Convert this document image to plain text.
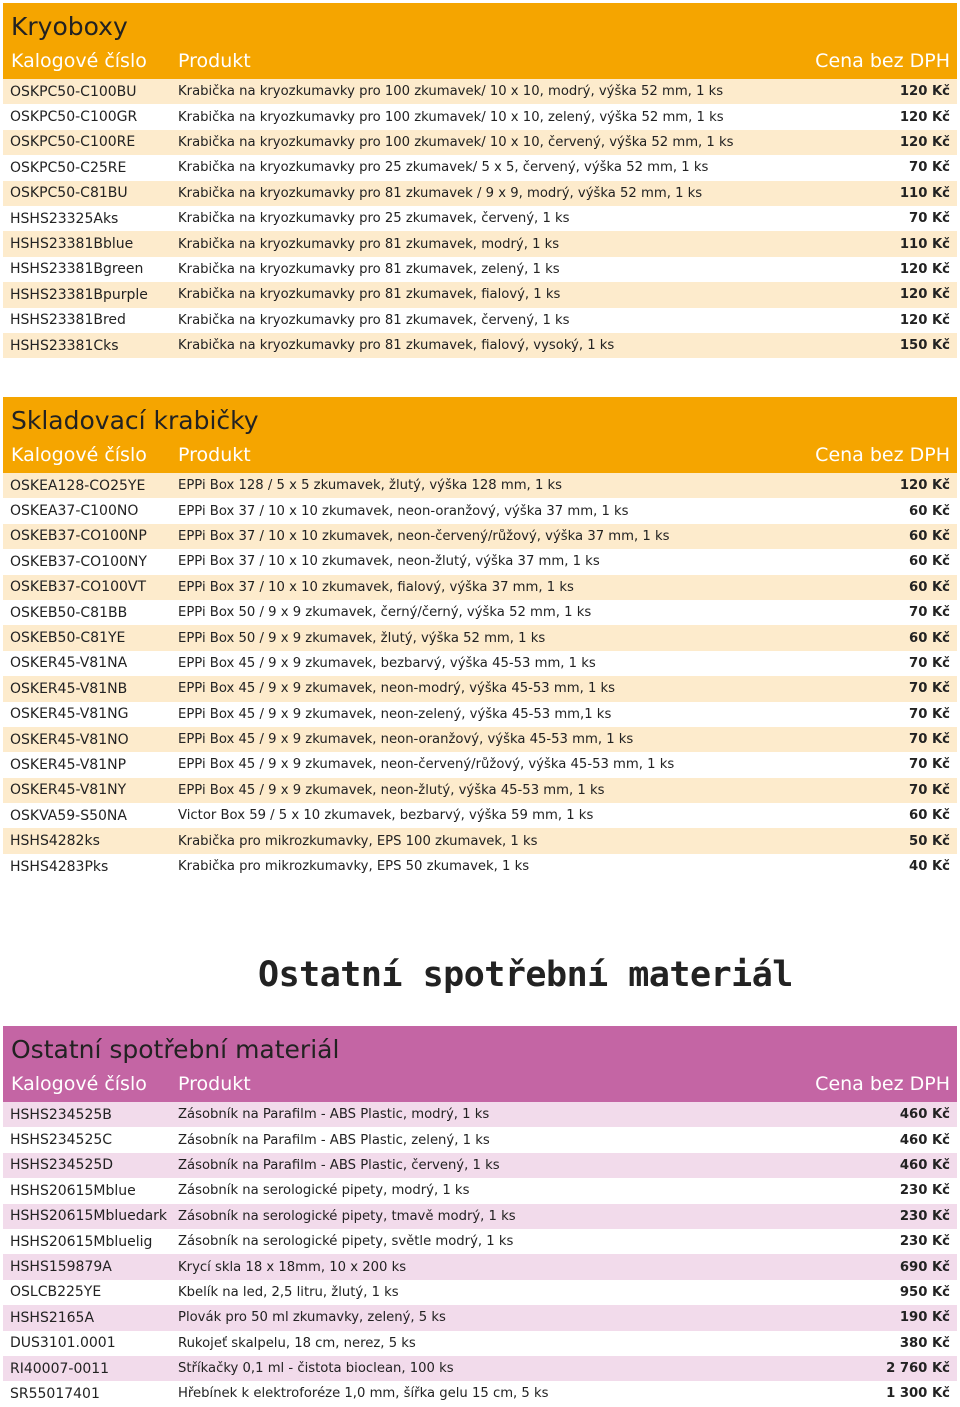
Kryoboxy
Kalogové číslo	Produkt	Cena bez DPH
OSKPC50-C100BU	Krabička na kryozkumavky pro 100 zkumavek/ 10 x 10, modrý, výška 52 mm, 1 ks	120 Kč
OSKPC50-C100GR	Krabička na kryozkumavky pro 100 zkumavek/ 10 x 10, zelený, výška 52 mm, 1 ks	120 Kč
OSKPC50-C100RE	Krabička na kryozkumavky pro 100 zkumavek/ 10 x 10, červený, výška 52 mm, 1 ks	120 Kč
OSKPC50-C25RE	Krabička na kryozkumavky pro 25 zkumavek/ 5 x 5, červený, výška 52 mm, 1 ks	70 Kč
OSKPC50-C81BU	Krabička na kryozkumavky pro 81 zkumavek / 9 x 9, modrý, výška 52 mm, 1 ks	110 Kč
HSHS23325Aks	Krabička na kryozkumavky pro 25 zkumavek, červený, 1 ks	70 Kč
HSHS23381Bblue	Krabička na kryozkumavky pro 81 zkumavek, modrý, 1 ks	110 Kč
HSHS23381Bgreen	Krabička na kryozkumavky pro 81 zkumavek, zelený, 1 ks	120 Kč
HSHS23381Bpurple	Krabička na kryozkumavky pro 81 zkumavek, fialový, 1 ks	120 Kč
HSHS23381Bred	Krabička na kryozkumavky pro 81 zkumavek, červený, 1 ks	120 Kč
HSHS23381Cks	Krabička na kryozkumavky pro 81 zkumavek, fialový, vysoký, 1 ks	150 Kč
Skladovací krabičky
Kalogové číslo	Produkt	Cena bez DPH
OSKEA128-CO25YE	EPPi Box 128 / 5 x 5 zkumavek, žlutý, výška 128 mm, 1 ks	120 Kč
OSKEA37-C100NO	EPPi Box 37 / 10 x 10 zkumavek, neon-oranžový, výška 37 mm, 1 ks	60 Kč
OSKEB37-CO100NP	EPPi Box 37 / 10 x 10 zkumavek, neon-červený/růžový, výška 37 mm, 1 ks	60 Kč
OSKEB37-CO100NY	EPPi Box 37 / 10 x 10 zkumavek, neon-žlutý, výška 37 mm, 1 ks	60 Kč
OSKEB37-CO100VT	EPPi Box 37 / 10 x 10 zkumavek, fialový, výška 37 mm, 1 ks	60 Kč
OSKEB50-C81BB	EPPi Box 50 / 9 x 9 zkumavek, černý/černý, výška 52 mm, 1 ks	70 Kč
OSKEB50-C81YE	EPPi Box 50 / 9 x 9 zkumavek, žlutý, výška 52 mm, 1 ks	60 Kč
OSKER45-V81NA	EPPi Box 45 / 9 x 9 zkumavek, bezbarvý, výška 45-53 mm, 1 ks	70 Kč
OSKER45-V81NB	EPPi Box 45 / 9 x 9 zkumavek, neon-modrý, výška 45-53 mm, 1 ks	70 Kč
OSKER45-V81NG	EPPi Box 45 / 9 x 9 zkumavek, neon-zelený, výška 45-53 mm,1 ks	70 Kč
OSKER45-V81NO	EPPi Box 45 / 9 x 9 zkumavek, neon-oranžový, výška 45-53 mm, 1 ks	70 Kč
OSKER45-V81NP	EPPi Box 45 / 9 x 9 zkumavek, neon-červený/růžový, výška 45-53 mm, 1 ks	70 Kč
OSKER45-V81NY	EPPi Box 45 / 9 x 9 zkumavek, neon-žlutý, výška 45-53 mm, 1 ks	70 Kč
OSKVA59-S50NA	Victor Box 59 / 5 x 10 zkumavek, bezbarvý, výška 59 mm, 1 ks	60 Kč
HSHS4282ks	Krabička pro mikrozkumavky, EPS 100 zkumavek, 1 ks	50 Kč
HSHS4283Pks	Krabička pro mikrozkumavky, EPS 50 zkumavek, 1 ks	40 Kč
Ostatní spotřební materiál
Ostatní spotřební materiál
Kalogové číslo	Produkt	Cena bez DPH
HSHS234525B	Zásobník na Parafilm - ABS Plastic, modrý, 1 ks	460 Kč
HSHS234525C	Zásobník na Parafilm - ABS Plastic, zelený, 1 ks	460 Kč
HSHS234525D	Zásobník na Parafilm - ABS Plastic, červený, 1 ks	460 Kč
HSHS20615Mblue	Zásobník na serologické pipety, modrý, 1 ks	230 Kč
HSHS20615Mbluedark Zásobník na serologické pipety, tmavě modrý, 1 ks	230 Kč
HSHS20615Mbluelig	Zásobník na serologické pipety, světle modrý, 1 ks	230 Kč
HSHS159879A	Krycí skla 18 x 18mm, 10 x 200 ks	690 Kč
OSLCB225YE	Kbelík na led, 2,5 litru, žlutý, 1 ks	950 Kč
HSHS2165A	Plovák pro 50 ml zkumavky, zelený, 5 ks	190 Kč
DUS3101.0001	Rukojeť skalpelu, 18 cm, nerez, 5 ks	380 Kč
RI40007-0011	Stříkačky 0,1 ml - čistota bioclean, 100 ks	2 760 Kč
SR55017401	Hřebínek k elektroforéze 1,0 mm, šířka gelu 15 cm, 5 ks	1 300 Kč
